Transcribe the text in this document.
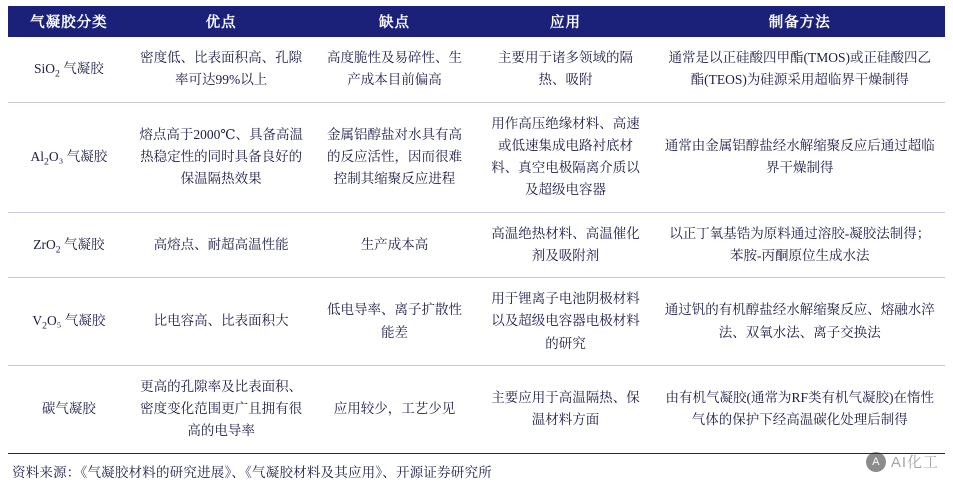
气凝胶分类	优点	缺点	应用	制备方法
SiO$_2$ 气凝胶	密度低、比表面积高、孔隙率可达99%以上	高度脆性及易碎性、生产成本目前偏高	主要用于诸多领域的隔热、吸附	通常是以正硅酸四甲酯(TMOS)或正硅酸四乙酯(TEOS)为硅源采用超临界干燥制得
$Al_2O_3$ 气凝胶	熔点高于2000℃、具备高温热稳定性的同时具备良好的保温隔热效果	金属铝醇盐对水具有高的反应活性，因而很难控制其缩聚反应进程	用作高压绝缘材料、高速或低速集成电路衬底材料、真空电极隔离介质以及超级电容器	通常由金属铝醇盐经水解缩聚反应后通过超临界干燥制得
ZrO$_2$ 气凝胶	高熔点、耐超高温性能	生产成本高	高温绝热材料、高温催化剂及吸附剂	以正丁氧基锆为原料通过溶胶-凝胶法制得；苯胺-丙酮原位生成水法
$V_2O_5$ 气凝胶	比电容高、比表面积大	低电导率、离子扩散性能差	用于锂离子电池阴极材料以及超级电容器电极材料的研究	通过钒的有机醇盐经水解缩聚反应、熔融水淬法、双氧水法、离子交换法
碳气凝胶	更高的孔隙率及比表面积、密度变化范围更广且拥有很高的电导率	应用较少，工艺少见	主要应用于高温隔热、保温材料方面	由有机气凝胶(通常为RF类有机气凝胶)在惰性气体的保护下经高温碳化处理后制得
资料来源：《气凝胶材料的研究进展》、《气凝胶材料及其应用》、开源证券研究所
A AI化工
